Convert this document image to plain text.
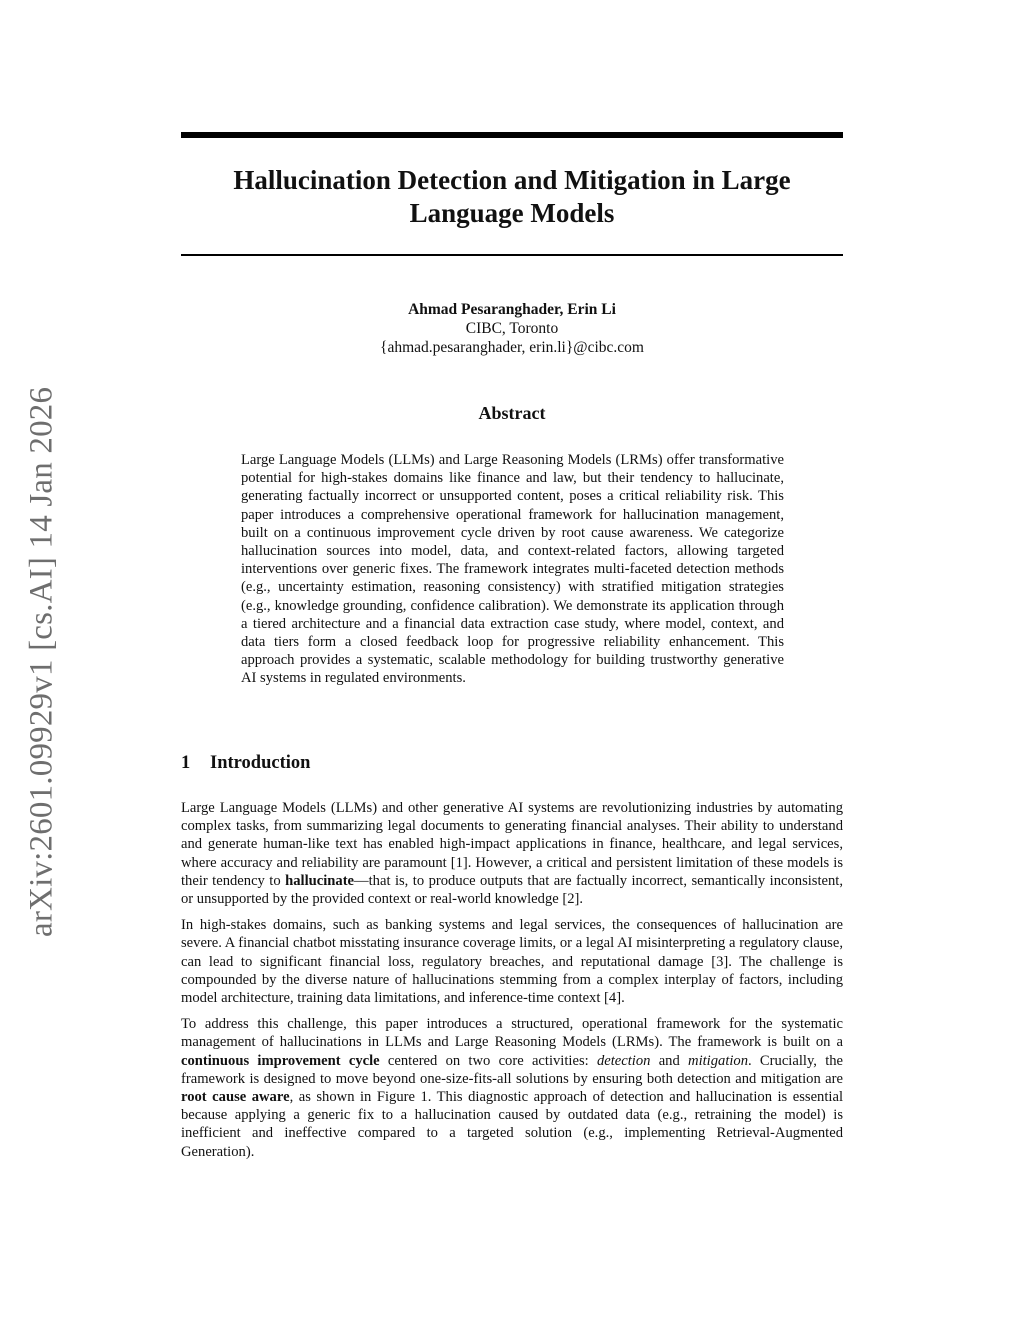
arXiv:2601.09929v1 [cs.AI] 14 Jan 2026
Hallucination Detection and Mitigation in Large Language Models
Ahmad Pesaranghader, Erin Li
CIBC, Toronto
{ahmad.pesaranghader, erin.li}@cibc.com
Abstract

Large Language Models (LLMs) and Large Reasoning Models (LRMs) offer transformative potential for high-stakes domains like finance and law, but their tendency to hallucinate, generating factually incorrect or unsupported content, poses a critical reliability risk. This paper introduces a comprehensive operational framework for hallucination management, built on a continuous improvement cycle driven by root cause awareness. We categorize hallucination sources into model, data, and context-related factors, allowing targeted interventions over generic fixes. The framework integrates multi-faceted detection methods (e.g., uncertainty estimation, reasoning consistency) with stratified mitigation strategies (e.g., knowledge grounding, confidence calibration). We demonstrate its application through a tiered architecture and a financial data extraction case study, where model, context, and data tiers form a closed feedback loop for progressive reliability enhancement. This approach provides a systematic, scalable methodology for building trustworthy generative AI systems in regulated environments.

1 Introduction

Large Language Models (LLMs) and other generative AI systems are revolutionizing industries by automating complex tasks, from summarizing legal documents to generating financial analyses. Their ability to understand and generate human-like text has enabled high-impact applications in finance, healthcare, and legal services, where accuracy and reliability are paramount [1]. However, a critical and persistent limitation of these models is their tendency to hallucinate—that is, to produce outputs that are factually incorrect, semantically inconsistent, or unsupported by the provided context or real-world knowledge [2].

In high-stakes domains, such as banking systems and legal services, the consequences of hallucination are severe. A financial chatbot misstating insurance coverage limits, or a legal AI misinterpreting a regulatory clause, can lead to significant financial loss, regulatory breaches, and reputational damage [3]. The challenge is compounded by the diverse nature of hallucinations stemming from a complex interplay of factors, including model architecture, training data limitations, and inference-time context [4].

To address this challenge, this paper introduces a structured, operational framework for the systematic management of hallucinations in LLMs and Large Reasoning Models (LRMs). The framework is built on a continuous improvement cycle centered on two core activities: detection and mitigation. Crucially, the framework is designed to move beyond one-size-fits-all solutions by ensuring both detection and mitigation are root cause aware, as shown in Figure 1. This diagnostic approach of detection and hallucination is essential because applying a generic fix to a hallucination caused by outdated data (e.g., retraining the model) is inefficient and ineffective compared to a targeted solution (e.g., implementing Retrieval-Augmented Generation).
